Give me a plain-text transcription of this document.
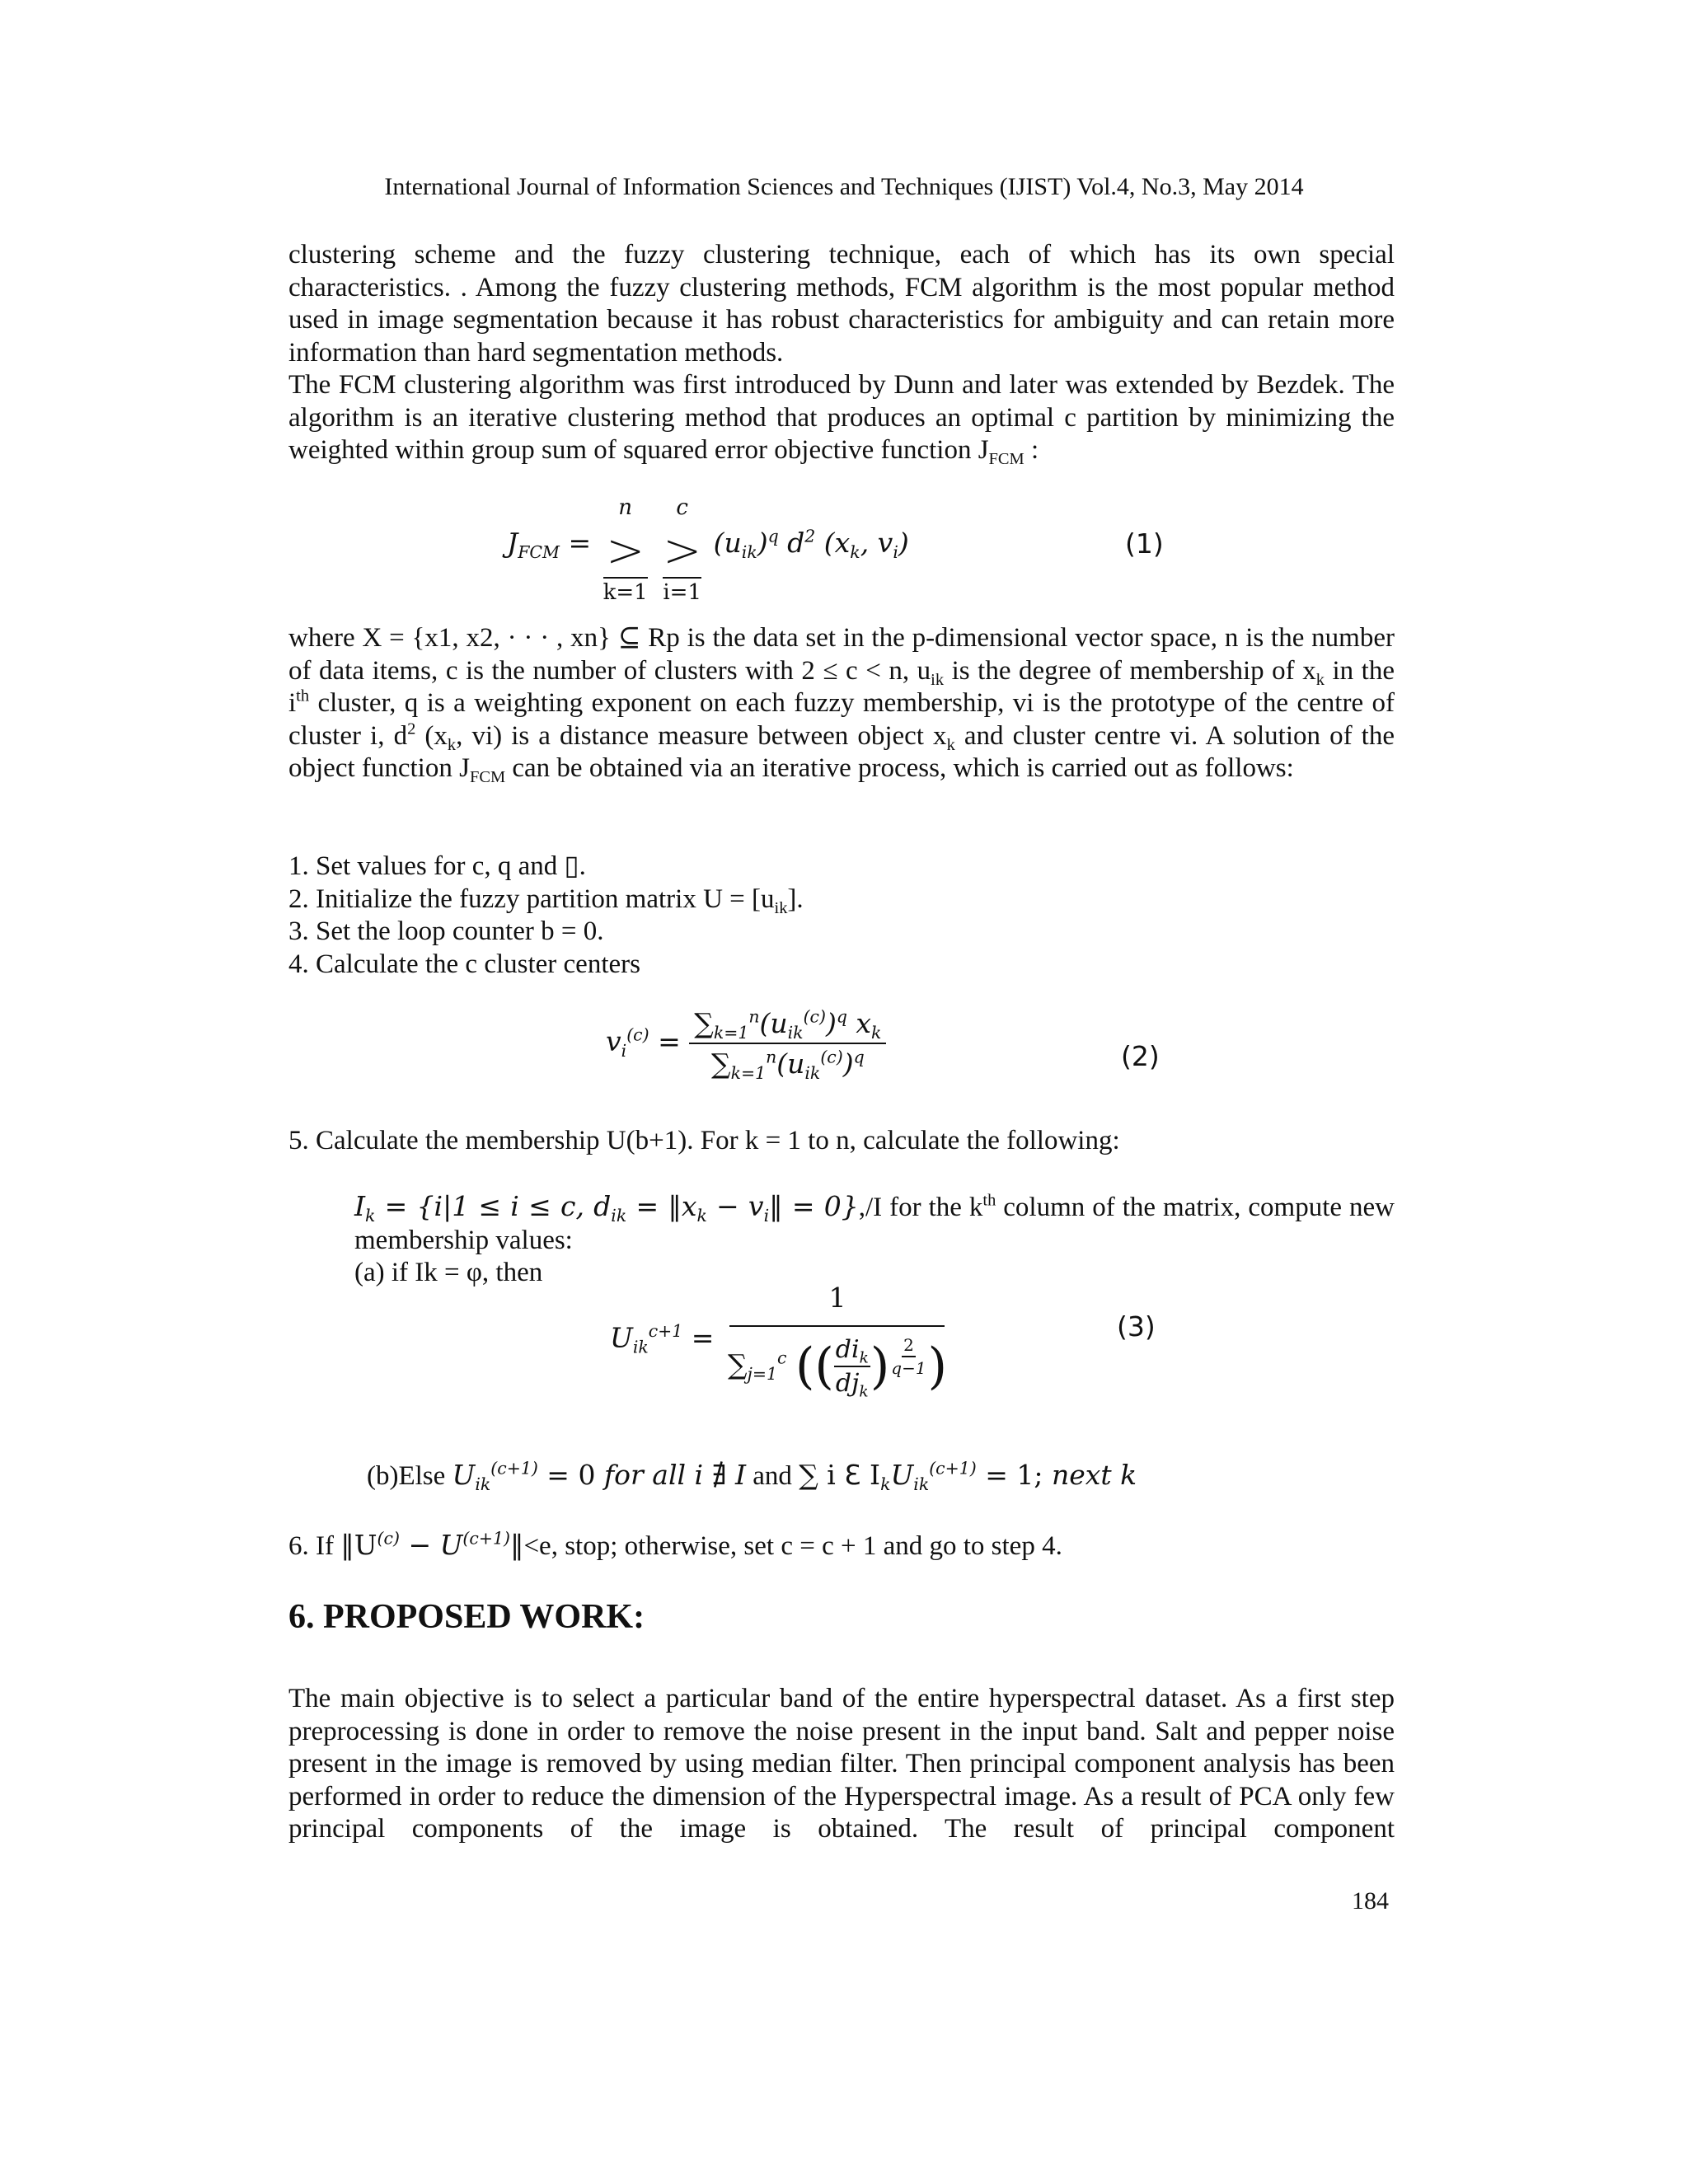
International Journal of Information Sciences and Techniques (IJIST) Vol.4, No.3, May 2014

clustering scheme and the fuzzy clustering technique, each of which has its own special characteristics. . Among the fuzzy clustering methods, FCM algorithm is the most popular method used in image segmentation because it has robust characteristics for ambiguity and can retain more information than hard segmentation methods.

The FCM clustering algorithm was first introduced by Dunn and later was extended by Bezdek. The algorithm is an iterative clustering method that produces an optimal c partition by minimizing the weighted within group sum of squared error objective function $J_{FCM}$ :

$J_{FCM}$ =
n
>
k=1

c
>
i=1
$(u_{ik})^q$ $d^2$ ($x_k$, $v_i$)	(1)

where X = {x1, x2, · · · , xn} ⊆ Rp is the data set in the p-dimensional vector space, n is the number of data items, c is the number of clusters with 2 ≤ c < n, $u_{ik}$ is the degree of membership of $x_k$ in the $i^{th}$ cluster, q is a weighting exponent on each fuzzy membership, vi is the prototype of the centre of cluster i, $d^2$ ($x_k$, vi) is a distance measure between object $x_k$ and cluster centre vi. A solution of the object function $J_{FCM}$ can be obtained via an iterative process, which is carried out as follows:

1. Set values for c, q and ▯.

2. Initialize the fuzzy partition matrix $U = [u_{ik}]$.

3. Set the loop counter b = 0.

4. Calculate the c cluster centers

$v_i^{(c)} = \frac{\sum_{k=1}^n(u_{ik}^{(c)})^q x_k}{\sum_{k=1}^n(u_{ik}^{(c)})^q}$	(2)

5. Calculate the membership U(b+1). For k = 1 to n, calculate the following:

$I_k = \{i|1 \le i \le c$, $d_{ik}$ = $‖x_k$ − $v_i‖ = 0\},/I$ for the $k^{th}$ column of the matrix, compute new membership values:

(a) if Ik = φ, then

$U_{ik}^{c+1} = \frac{1}{\sum_{j=1}^c (( \frac{di_k}{dj_k} ) \frac{2}{q-1} )}$	(3)
(b)Else $U_{ik}^{(c+1)} = 0$ for all i ∄ I and ∑ i ℇ $I_kU_{ik}^{(c+1)} = 1$; next k
6. If $‖U^{(c)}$ − $U^{(c+1)}‖<e$, stop; otherwise, set c = c + 1 and go to step 4.
6. PROPOSED WORK:

The main objective is to select a particular band of the entire hyperspectral dataset. As a first step preprocessing is done in order to remove the noise present in the input band. Salt and pepper noise present in the image is removed by using median filter. Then principal component analysis has been performed in order to reduce the dimension of the Hyperspectral image. As a result of PCA only few principal components of the image is obtained. The result of principal component

184
